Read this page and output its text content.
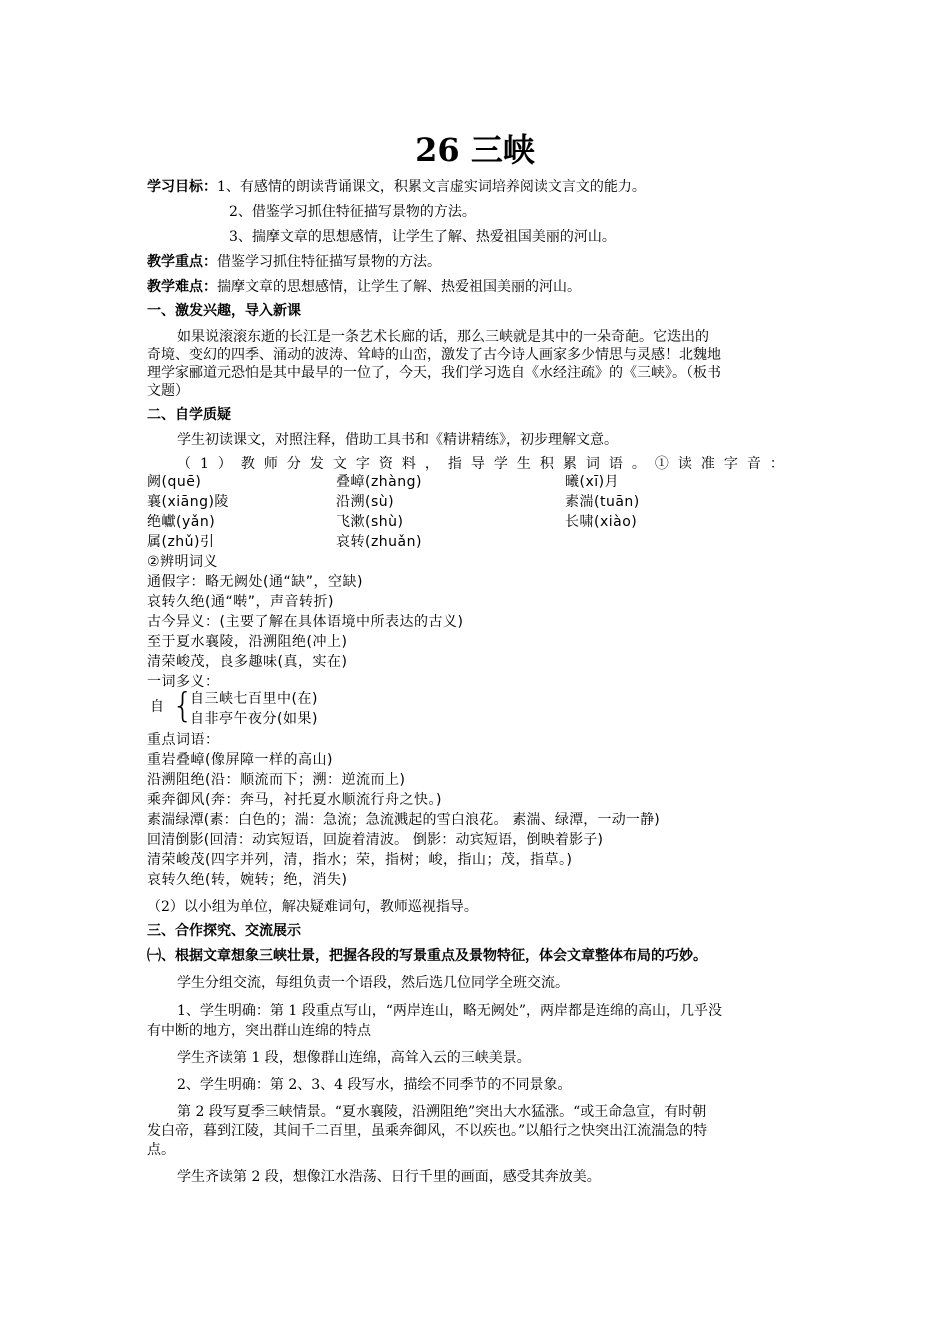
26 三峡
学习目标：1、有感情的朗读背诵课文，积累文言虚实词培养阅读文言文的能力。
2、借鉴学习抓住特征描写景物的方法。
3、揣摩文章的思想感情，让学生了解、热爱祖国美丽的河山。
教学重点：借鉴学习抓住特征描写景物的方法。
教学难点：揣摩文章的思想感情，让学生了解、热爱祖国美丽的河山。
一、激发兴趣，导入新课
如果说滚滚东逝的长江是一条艺术长廊的话，那么三峡就是其中的一朵奇葩。它迭出的
奇境、变幻的四季、涌动的波涛、耸峙的山峦，激发了古今诗人画家多少情思与灵感！北魏地
理学家郦道元恐怕是其中最早的一位了，今天，我们学习选自《水经注疏》的《三峡》。（板书
文题）
二、自学质疑
学生初读课文，对照注释，借助工具书和《精讲精练》，初步理解文意。
（1）教师分发文字资料，指导学生积累词语。①读准字音：
阙(quē)	叠嶂(zhàng)	曦(xī)月
襄(xiāng)陵	沿溯(sù)	素湍(tuān)
绝巘(yǎn)	飞漱(shù)	长啸(xiào)
属(zhǔ)引	哀转(zhuǎn)
②辨明词义
通假字：略无阙处(通“缺”，空缺)
哀转久绝(通“啭”，声音转折)
古今异义：(主要了解在具体语境中所表达的古义)
至于夏水襄陵，沿溯阻绝(冲上)
清荣峻茂，良多趣味(真，实在)
一词多义：
自 {
自三峡七百里中(在)
自非亭午夜分(如果)
重点词语：
重岩叠嶂(像屏障一样的高山)
沿溯阻绝(沿：顺流而下；溯：逆流而上)
乘奔御风(奔：奔马，衬托夏水顺流行舟之快。)
素湍绿潭(素：白色的；湍：急流；急流溅起的雪白浪花。 素湍、绿潭，一动一静)
回清倒影(回清：动宾短语，回旋着清波。 倒影：动宾短语，倒映着影子)
清荣峻茂(四字并列，清，指水；荣，指树；峻，指山；茂，指草。)
哀转久绝(转，婉转；绝，消失)
（2）以小组为单位，解决疑难词句，教师巡视指导。
三、合作探究、交流展示
㈠、根据文章想象三峡壮景，把握各段的写景重点及景物特征，体会文章整体布局的巧妙。
学生分组交流，每组负责一个语段，然后选几位同学全班交流。
1、学生明确：第 1 段重点写山，“两岸连山，略无阙处”，两岸都是连绵的高山，几乎没
有中断的地方，突出群山连绵的特点
学生齐读第 1 段，想像群山连绵，高耸入云的三峡美景。
2、学生明确：第 2、3、4 段写水，描绘不同季节的不同景象。
第 2 段写夏季三峡情景。“夏水襄陵，沿溯阻绝”突出大水猛涨。“或王命急宣，有时朝
发白帝，暮到江陵，其间千二百里，虽乘奔御风，不以疾也。”以船行之快突出江流湍急的特
点。
学生齐读第 2 段，想像江水浩荡、日行千里的画面，感受其奔放美。
